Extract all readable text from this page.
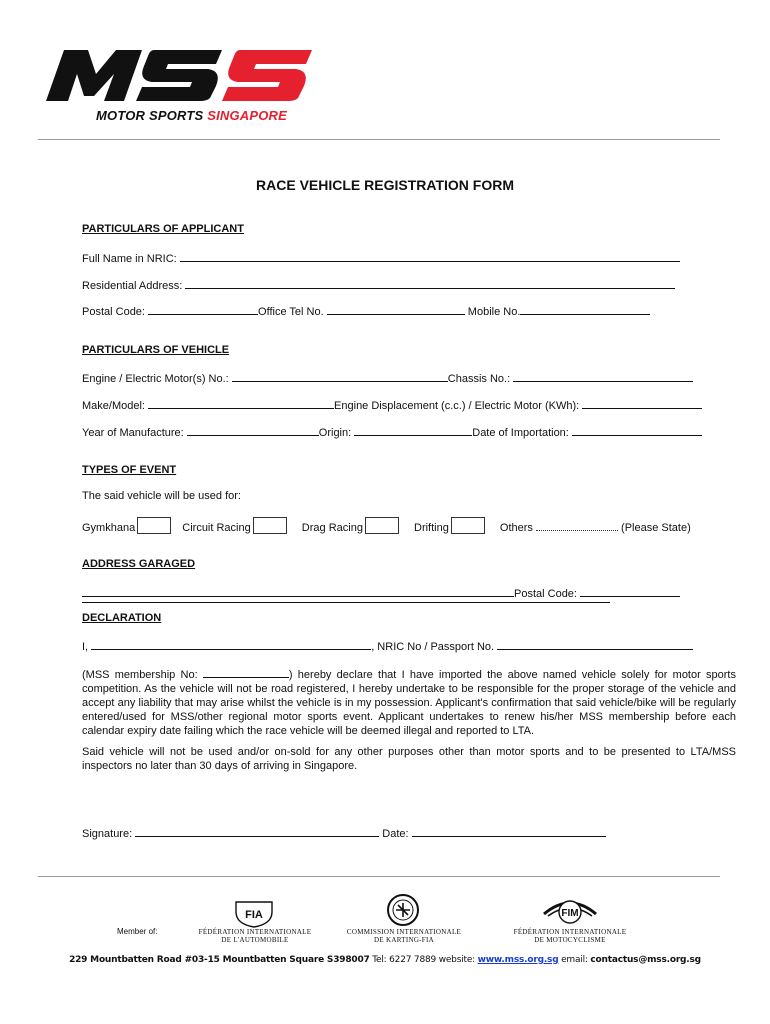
MOTOR SPORTS SINGAPORE
RACE VEHICLE REGISTRATION FORM
PARTICULARS OF APPLICANT
Full Name in NRIC:
Residential Address:
Postal Code:	Office Tel No.	Mobile No.
PARTICULARS OF VEHICLE
Engine / Electric Motor(s) No.:	Chassis No.:
Make/Model:	Engine Displacement (c.c.) / Electric Motor (KWh):
Year of Manufacture:	Origin:	Date of Importation:
TYPES OF EVENT
The said vehicle will be used for:
Gymkhana	Circuit Racing	Drag Racing	Drifting	Others	(Please State)
ADDRESS GARAGED
Postal Code:
DECLARATION
I,	, NRIC No / Passport No.
(MSS membership No:	) hereby declare that I have imported the above named vehicle solely for motor sports competition. As the vehicle will not be road registered, I hereby undertake to be responsible for the proper storage of the vehicle and accept any liability that may arise whilst the vehicle is in my possession. Applicant's confirmation that said vehicle/bike will be regularly entered/used for MSS/other regional motor sports event. Applicant undertakes to renew his/her MSS membership before each calendar expiry date failing which the race vehicle will be deemed illegal and reported to LTA.
Said vehicle will not be used and/or on-sold for any other purposes other than motor sports and to be presented to LTA/MSS inspectors no later than 30 days of arriving in Singapore.
Signature:	Date:
Member of:
FIA
FÉDÉRATION INTERNATIONALE
DE L'AUTOMOBILE
COMMISSION INTERNATIONALE
DE KARTING-FIA
FIM
FÉDÉRATION INTERNATIONALE
DE MOTOCYCLISME
229 Mountbatten Road #03-15 Mountbatten Square S398007 Tel: 6227 7889 website: www.mss.org.sg email: contactus@mss.org.sg
